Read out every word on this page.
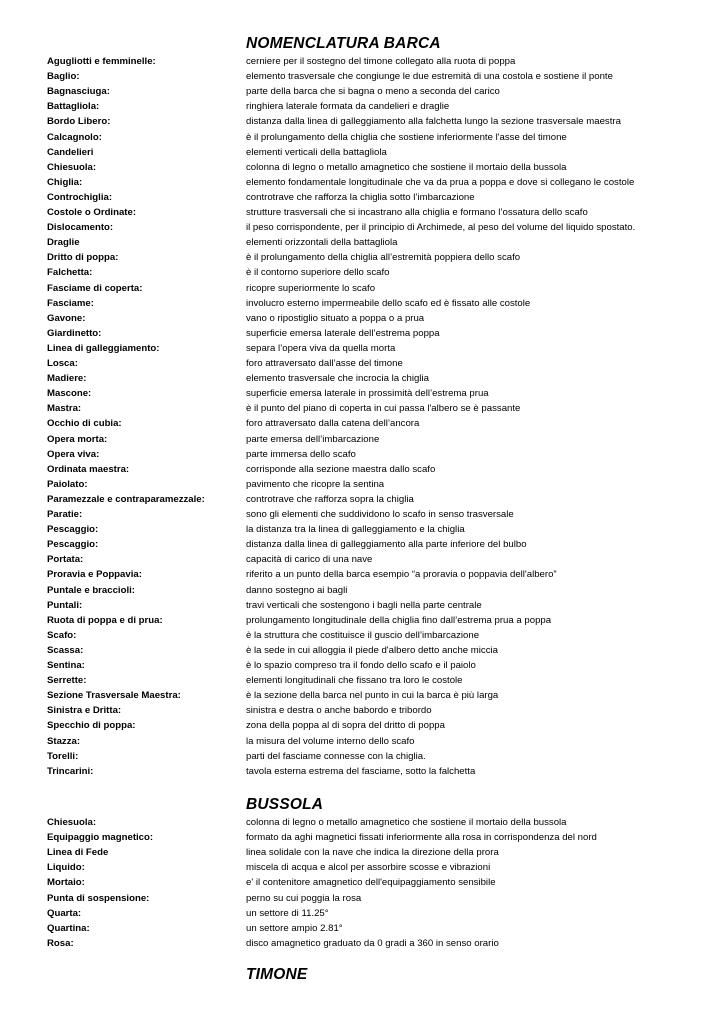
NOMENCLATURA BARCA
Agugliotti e femminelle:	cerniere per il sostegno del timone collegato alla ruota di poppa
Baglio:	elemento trasversale che congiunge le due estremità di una costola e sostiene il ponte
Bagnasciuga:	parte della barca che si bagna o meno a seconda del carico
Battagliola:	ringhiera laterale formata da candelieri e draglie
Bordo Libero:	distanza dalla linea di galleggiamento alla falchetta lungo la sezione trasversale maestra
Calcagnolo:	è il prolungamento della chiglia che sostiene inferiormente l'asse del timone
Candelieri	elementi verticali della battagliola
Chiesuola:	colonna di legno o metallo amagnetico che sostiene il mortaio della bussola
Chiglia:	elemento fondamentale longitudinale che va da prua a poppa e dove si collegano le costole
Controchiglia:	controtrave che rafforza la chiglia sotto l’imbarcazione
Costole o Ordinate:	strutture trasversali che si incastrano alla chiglia e formano l’ossatura dello scafo
Dislocamento:	il peso corrispondente, per il principio di Archimede, al peso del volume del liquido spostato.
Draglie	elementi orizzontali della battagliola
Dritto di poppa:	è il prolungamento della chiglia all’estremità poppiera dello scafo
Falchetta:	è il contorno superiore dello scafo
Fasciame di coperta:	ricopre superiormente lo scafo
Fasciame:	involucro esterno impermeabile dello scafo ed è fissato alle costole
Gavone:	vano o ripostiglio situato a poppa o a prua
Giardinetto:	superficie emersa laterale dell’estrema poppa
Linea di galleggiamento:	separa l’opera viva da quella morta
Losca:	foro attraversato dall’asse del timone
Madiere:	elemento trasversale che incrocia la chiglia
Mascone:	superficie emersa laterale in prossimità dell’estrema prua
Mastra:	è il punto del piano di coperta in cui passa l'albero se è passante
Occhio di cubia:	foro attraversato dalla catena dell’ancora
Opera morta:	parte emersa dell’imbarcazione
Opera viva:	parte immersa dello scafo
Ordinata maestra:	corrisponde alla sezione maestra dallo scafo
Paiolato:	pavimento che ricopre la sentina
Paramezzale e contraparamezzale:	controtrave che rafforza sopra la chiglia
Paratie:	sono gli elementi che suddividono lo scafo in senso trasversale
Pescaggio:	la distanza tra la linea di galleggiamento e la chiglia
Pescaggio:	distanza dalla linea di galleggiamento alla parte inferiore del bulbo
Portata:	capacità di carico di una nave
Proravia e Poppavia:	riferito a un punto della barca esempio “a proravia o poppavia dell'albero”
Puntale e braccioli:	danno sostegno ai bagli
Puntali:	travi verticali che sostengono i bagli nella parte centrale
Ruota di poppa e di prua:	prolungamento longitudinale della chiglia fino dall’estrema prua a poppa
Scafo:	è la struttura che costituisce il guscio dell’imbarcazione
Scassa:	è la sede in cui alloggia il piede d'albero detto anche miccia
Sentina:	è lo spazio compreso tra il fondo dello scafo e il paiolo
Serrette:	elementi longitudinali che fissano tra loro le costole
Sezione Trasversale Maestra:	è la sezione della barca nel punto in cui la barca è più larga
Sinistra e Dritta:	sinistra e destra o anche babordo e tribordo
Specchio di poppa:	zona della poppa al di sopra del dritto di poppa
Stazza:	la misura del volume interno dello scafo
Torelli:	parti del fasciame connesse con la chiglia.
Trincarini:	tavola esterna estrema del fasciame, sotto la falchetta
BUSSOLA
Chiesuola:	colonna di legno o metallo amagnetico che sostiene il mortaio della bussola
Equipaggio magnetico:	formato da aghi magnetici fissati inferiormente alla rosa in corrispondenza del nord
Linea di Fede	linea solidale con la nave che indica la direzione della prora
Liquido:	miscela di acqua e alcol per assorbire scosse e vibrazioni
Mortaio:	e' il contenitore amagnetico dell'equipaggiamento sensibile
Punta di sospensione:	perno su cui poggia la rosa
Quarta:	un settore di 11.25°
Quartina:	un settore ampio 2.81°
Rosa:	disco amagnetico graduato da 0 gradi a 360 in senso orario
TIMONE
